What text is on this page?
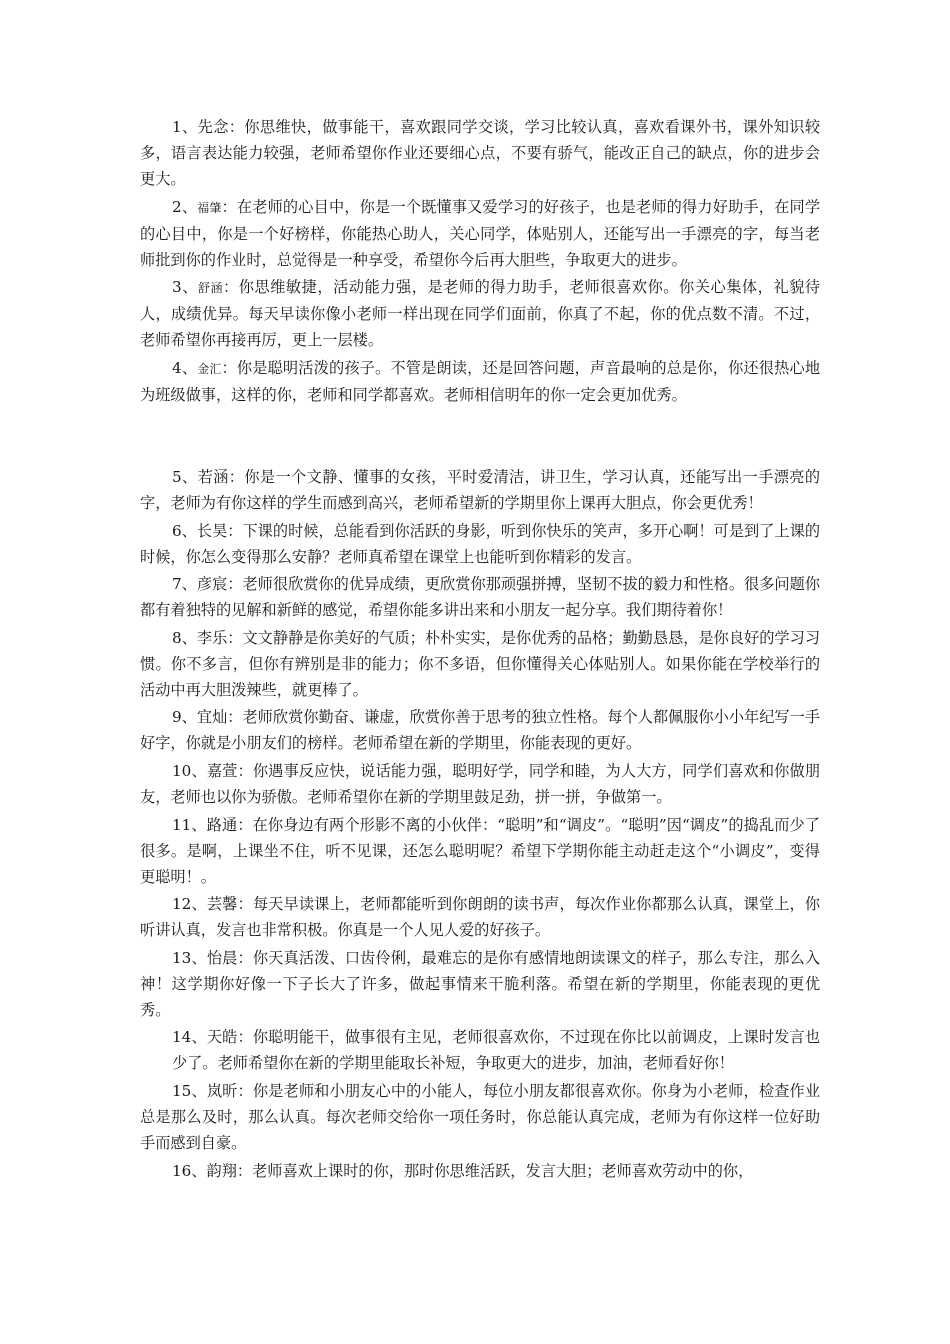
1、先念：你思维快，做事能干，喜欢跟同学交谈，学习比较认真，喜欢看课外书，课外知识较多，语言表达能力较强，老师希望你作业还要细心点，不要有骄气，能改正自己的缺点，你的进步会更大。

2、福肇：在老师的心目中，你是一个既懂事又爱学习的好孩子，也是老师的得力好助手，在同学的心目中，你是一个好榜样，你能热心助人，关心同学，体贴别人，还能写出一手漂亮的字，每当老师批到你的作业时，总觉得是一种享受，希望你今后再大胆些，争取更大的进步。

3、舒涵：你思维敏捷，活动能力强，是老师的得力助手，老师很喜欢你。你关心集体，礼貌待人，成绩优异。每天早读你像小老师一样出现在同学们面前，你真了不起，你的优点数不清。不过，老师希望你再接再厉，更上一层楼。

4、金汇：你是聪明活泼的孩子。不管是朗读，还是回答问题，声音最响的总是你，你还很热心地为班级做事，这样的你，老师和同学都喜欢。老师相信明年的你一定会更加优秀。

5、若涵：你是一个文静、懂事的女孩，平时爱清洁，讲卫生，学习认真，还能写出一手漂亮的字，老师为有你这样的学生而感到高兴，老师希望新的学期里你上课再大胆点，你会更优秀！

6、长昊：下课的时候，总能看到你活跃的身影，听到你快乐的笑声，多开心啊！可是到了上课的时候，你怎么变得那么安静？老师真希望在课堂上也能听到你精彩的发言。

7、彦宸：老师很欣赏你的优异成绩，更欣赏你那顽强拼搏，坚韧不拔的毅力和性格。很多问题你都有着独特的见解和新鲜的感觉，希望你能多讲出来和小朋友一起分享。我们期待着你！

8、李乐：文文静静是你美好的气质；朴朴实实，是你优秀的品格；勤勤恳恳，是你良好的学习习惯。你不多言，但你有辨别是非的能力；你不多语，但你懂得关心体贴别人。如果你能在学校举行的活动中再大胆泼辣些，就更棒了。

9、宜灿：老师欣赏你勤奋、谦虚，欣赏你善于思考的独立性格。每个人都佩服你小小年纪写一手好字，你就是小朋友们的榜样。老师希望在新的学期里，你能表现的更好。

10、嘉萱：你遇事反应快，说话能力强，聪明好学，同学和睦，为人大方，同学们喜欢和你做朋友，老师也以你为骄傲。老师希望你在新的学期里鼓足劲，拼一拼，争做第一。

11、路通：在你身边有两个形影不离的小伙伴：“聪明”和“调皮”。“聪明”因“调皮”的捣乱而少了很多。是啊，上课坐不住，听不见课，还怎么聪明呢？希望下学期你能主动赶走这个“小调皮”，变得更聪明！。

12、芸馨：每天早读课上，老师都能听到你朗朗的读书声，每次作业你都那么认真，课堂上，你听讲认真，发言也非常积极。你真是一个人见人爱的好孩子。

13、怡晨：你天真活泼、口齿伶俐，最难忘的是你有感情地朗读课文的样子，那么专注，那么入神！这学期你好像一下子长大了许多，做起事情来干脆利落。希望在新的学期里，你能表现的更优秀。

14、天皓：你聪明能干，做事很有主见，老师很喜欢你，不过现在你比以前调皮，上课时发言也少了。老师希望你在新的学期里能取长补短，争取更大的进步，加油，老师看好你！

15、岚昕：你是老师和小朋友心中的小能人，每位小朋友都很喜欢你。你身为小老师，检查作业总是那么及时，那么认真。每次老师交给你一项任务时，你总能认真完成，老师为有你这样一位好助手而感到自豪。

16、韵翔：老师喜欢上课时的你，那时你思维活跃，发言大胆；老师喜欢劳动中的你，
